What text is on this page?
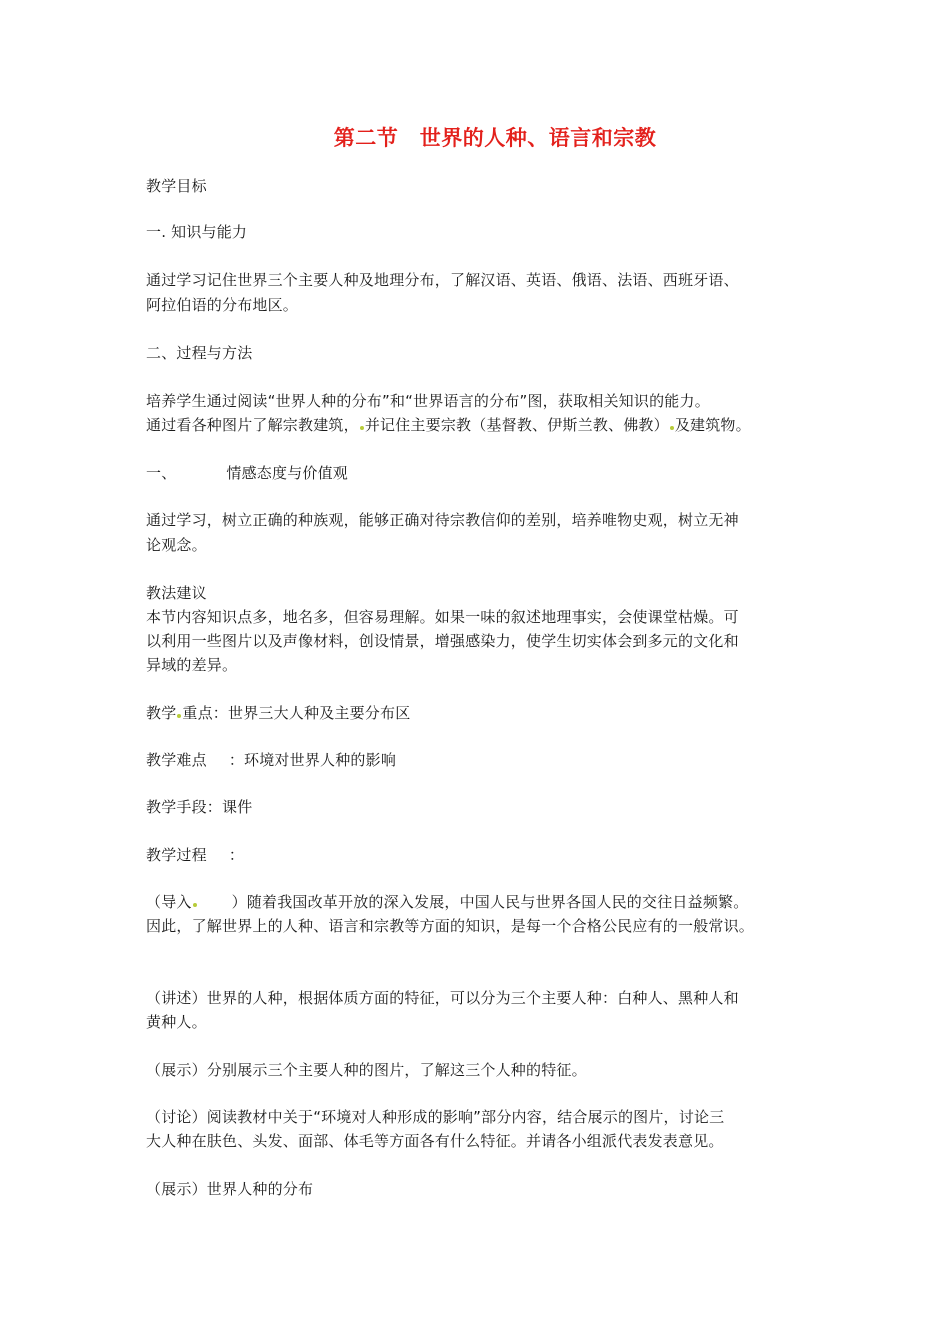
第二节　世界的人种、语言和宗教
教学目标
一. 知识与能力
通过学习记住世界三个主要人种及地理分布，了解汉语、英语、俄语、法语、西班牙语、
阿拉伯语的分布地区。
二、过程与方法
培养学生通过阅读“世界人种的分布”和“世界语言的分布”图，获取相关知识的能力。
通过看各种图片了解宗教建筑， 并记住主要宗教（基督教、伊斯兰教、佛教） 及建筑物。
一、	情感态度与价值观
通过学习，树立正确的种族观，能够正确对待宗教信仰的差别，培养唯物史观，树立无神
论观念。
教法建议
本节内容知识点多，地名多，但容易理解。如果一味的叙述地理事实，会使课堂枯燥。可
以利用一些图片以及声像材料，创设情景，增强感染力，使学生切实体会到多元的文化和
异域的差异。
教学 重点：世界三大人种及主要分布区
教学难点 ：环境对世界人种的影响
教学手段：课件
教学过程 ：
（导入	）随着我国改革开放的深入发展，中国人民与世界各国人民的交往日益频繁。
因此，了解世界上的人种、语言和宗教等方面的知识，是每一个合格公民应有的一般常识。
（讲述）世界的人种，根据体质方面的特征，可以分为三个主要人种：白种人、黑种人和
黄种人。
（展示）分别展示三个主要人种的图片，了解这三个人种的特征。
（讨论）阅读教材中关于“环境对人种形成的影响”部分内容，结合展示的图片，讨论三
大人种在肤色、头发、面部、体毛等方面各有什么特征。并请各小组派代表发表意见。
（展示）世界人种的分布
